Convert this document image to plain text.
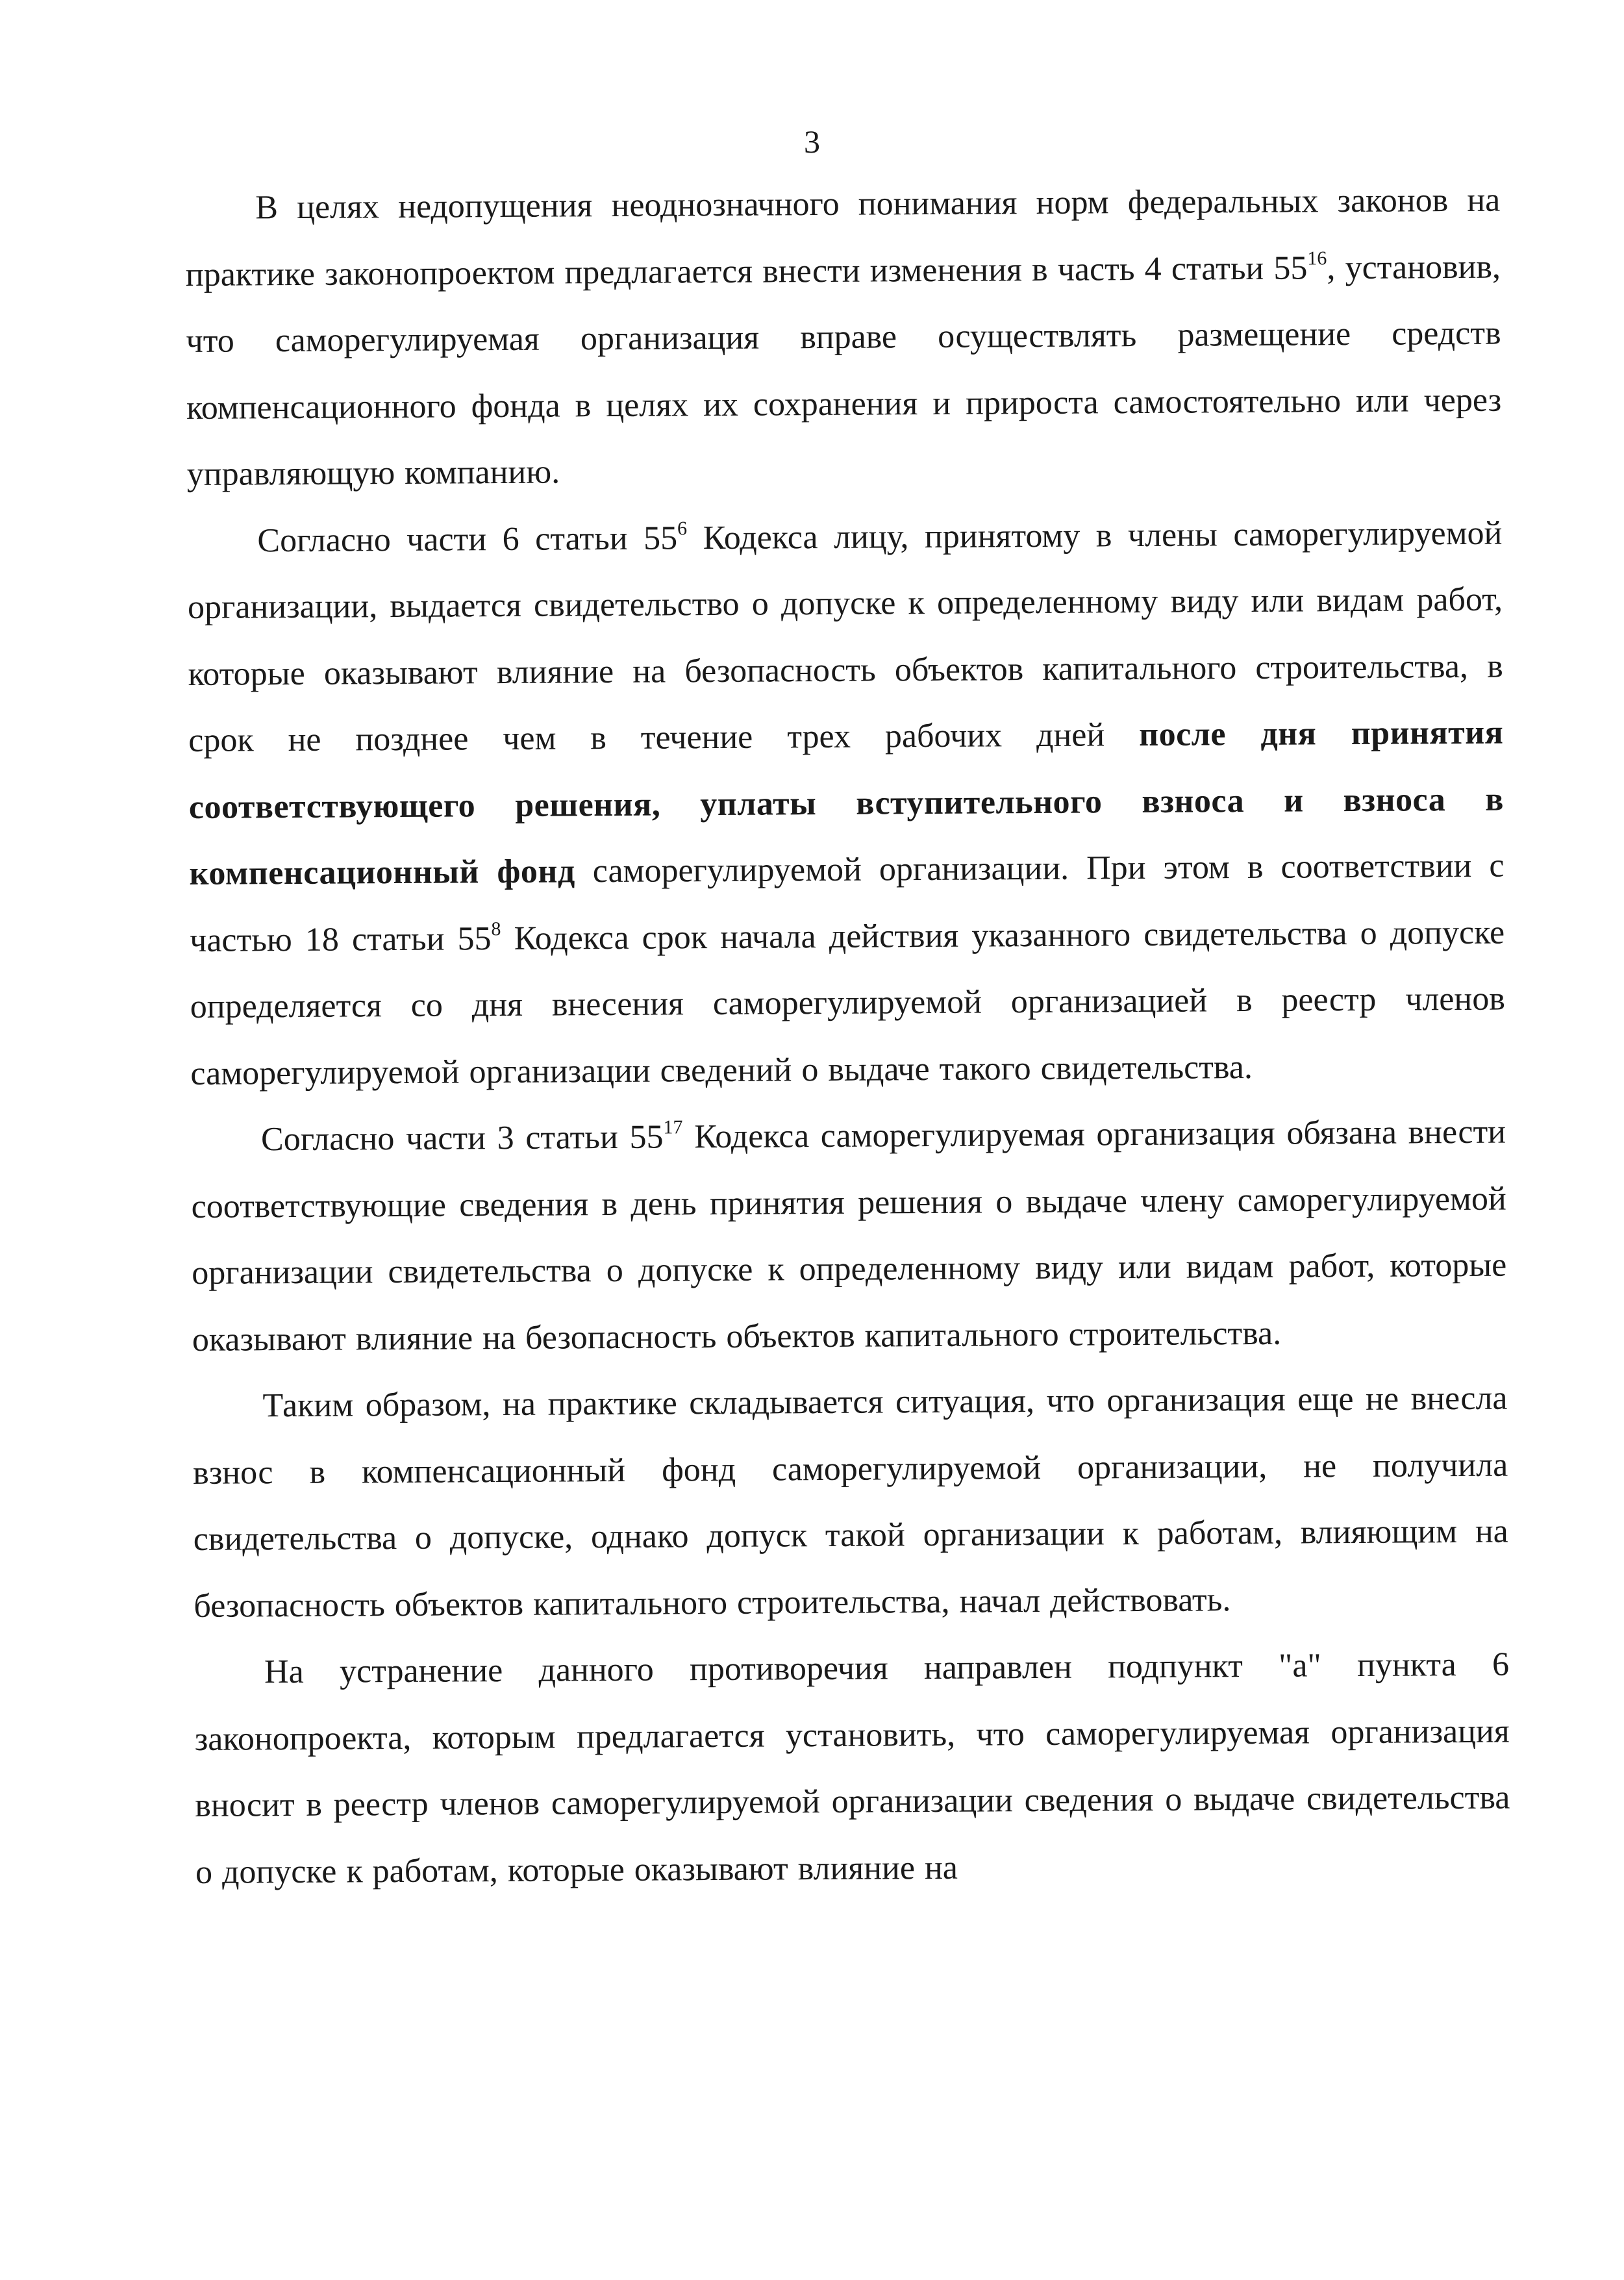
3

В целях недопущения неоднозначного понимания норм федеральных законов на практике законопроектом предлагается внести изменения в часть 4 статьи $55^{16}$, установив, что саморегулируемая организация вправе осуществлять размещение средств компенсационного фонда в целях их сохранения и прироста самостоятельно или через управляющую компанию.

Согласно части 6 статьи $55^6$ Кодекса лицу, принятому в члены саморегулируемой организации, выдается свидетельство о допуске к определенному виду или видам работ, которые оказывают влияние на безопасность объектов капитального строительства, в срок не позднее чем в течение трех рабочих дней после дня принятия соответствующего решения, уплаты вступительного взноса и взноса в компенсационный фонд саморегулируемой организации. При этом в соответствии с частью 18 статьи $55^8$ Кодекса срок начала действия указанного свидетельства о допуске определяется со дня внесения саморегулируемой организацией в реестр членов саморегулируемой организации сведений о выдаче такого свидетельства.

Согласно части 3 статьи $55^{17}$ Кодекса саморегулируемая организация обязана внести соответствующие сведения в день принятия решения о выдаче члену саморегулируемой организации свидетельства о допуске к определенному виду или видам работ, которые оказывают влияние на безопасность объектов капитального строительства.

Таким образом, на практике складывается ситуация, что организация еще не внесла взнос в компенсационный фонд саморегулируемой организации, не получила свидетельства о допуске, однако допуск такой организации к работам, влияющим на безопасность объектов капитального строительства, начал действовать.

На устранение данного противоречия направлен подпункт "а" пункта 6 законопроекта, которым предлагается установить, что саморегулируемая организация вносит в реестр членов саморегулируемой организации сведения о выдаче свидетельства о допуске к работам, которые оказывают влияние на
